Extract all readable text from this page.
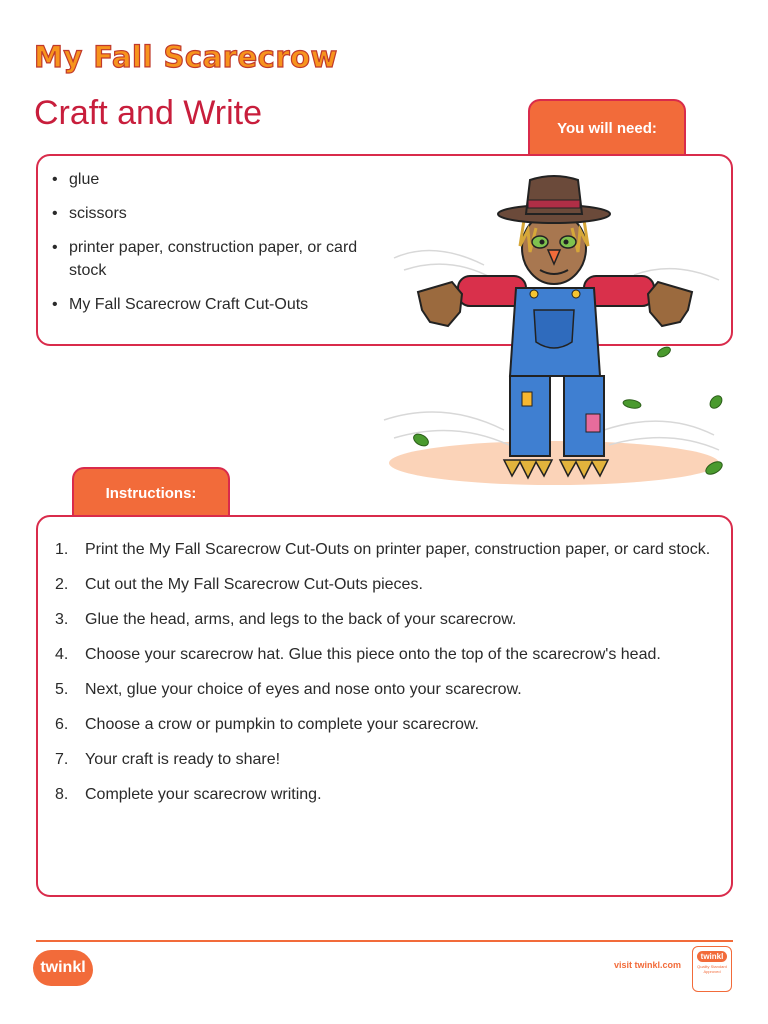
My Fall Scarecrow
Craft and Write	You will need:
• glue
• scissors
• printer paper, construction paper, or card stock
• My Fall Scarecrow Craft Cut-Outs
Instructions:
1. Print the My Fall Scarecrow Cut-Outs on printer paper, construction paper, or card stock.
2. Cut out the My Fall Scarecrow Cut-Outs pieces.
3. Glue the head, arms, and legs to the back of your scarecrow.
4. Choose your scarecrow hat. Glue this piece onto the top of the scarecrow's head.
5. Next, glue your choice of eyes and nose onto your scarecrow.
6. Choose a crow or pumpkin to complete your scarecrow.
7. Your craft is ready to share!
8. Complete your scarecrow writing.
twinkl	visit twinkl.com
twinkl
Quality Standard Approved
